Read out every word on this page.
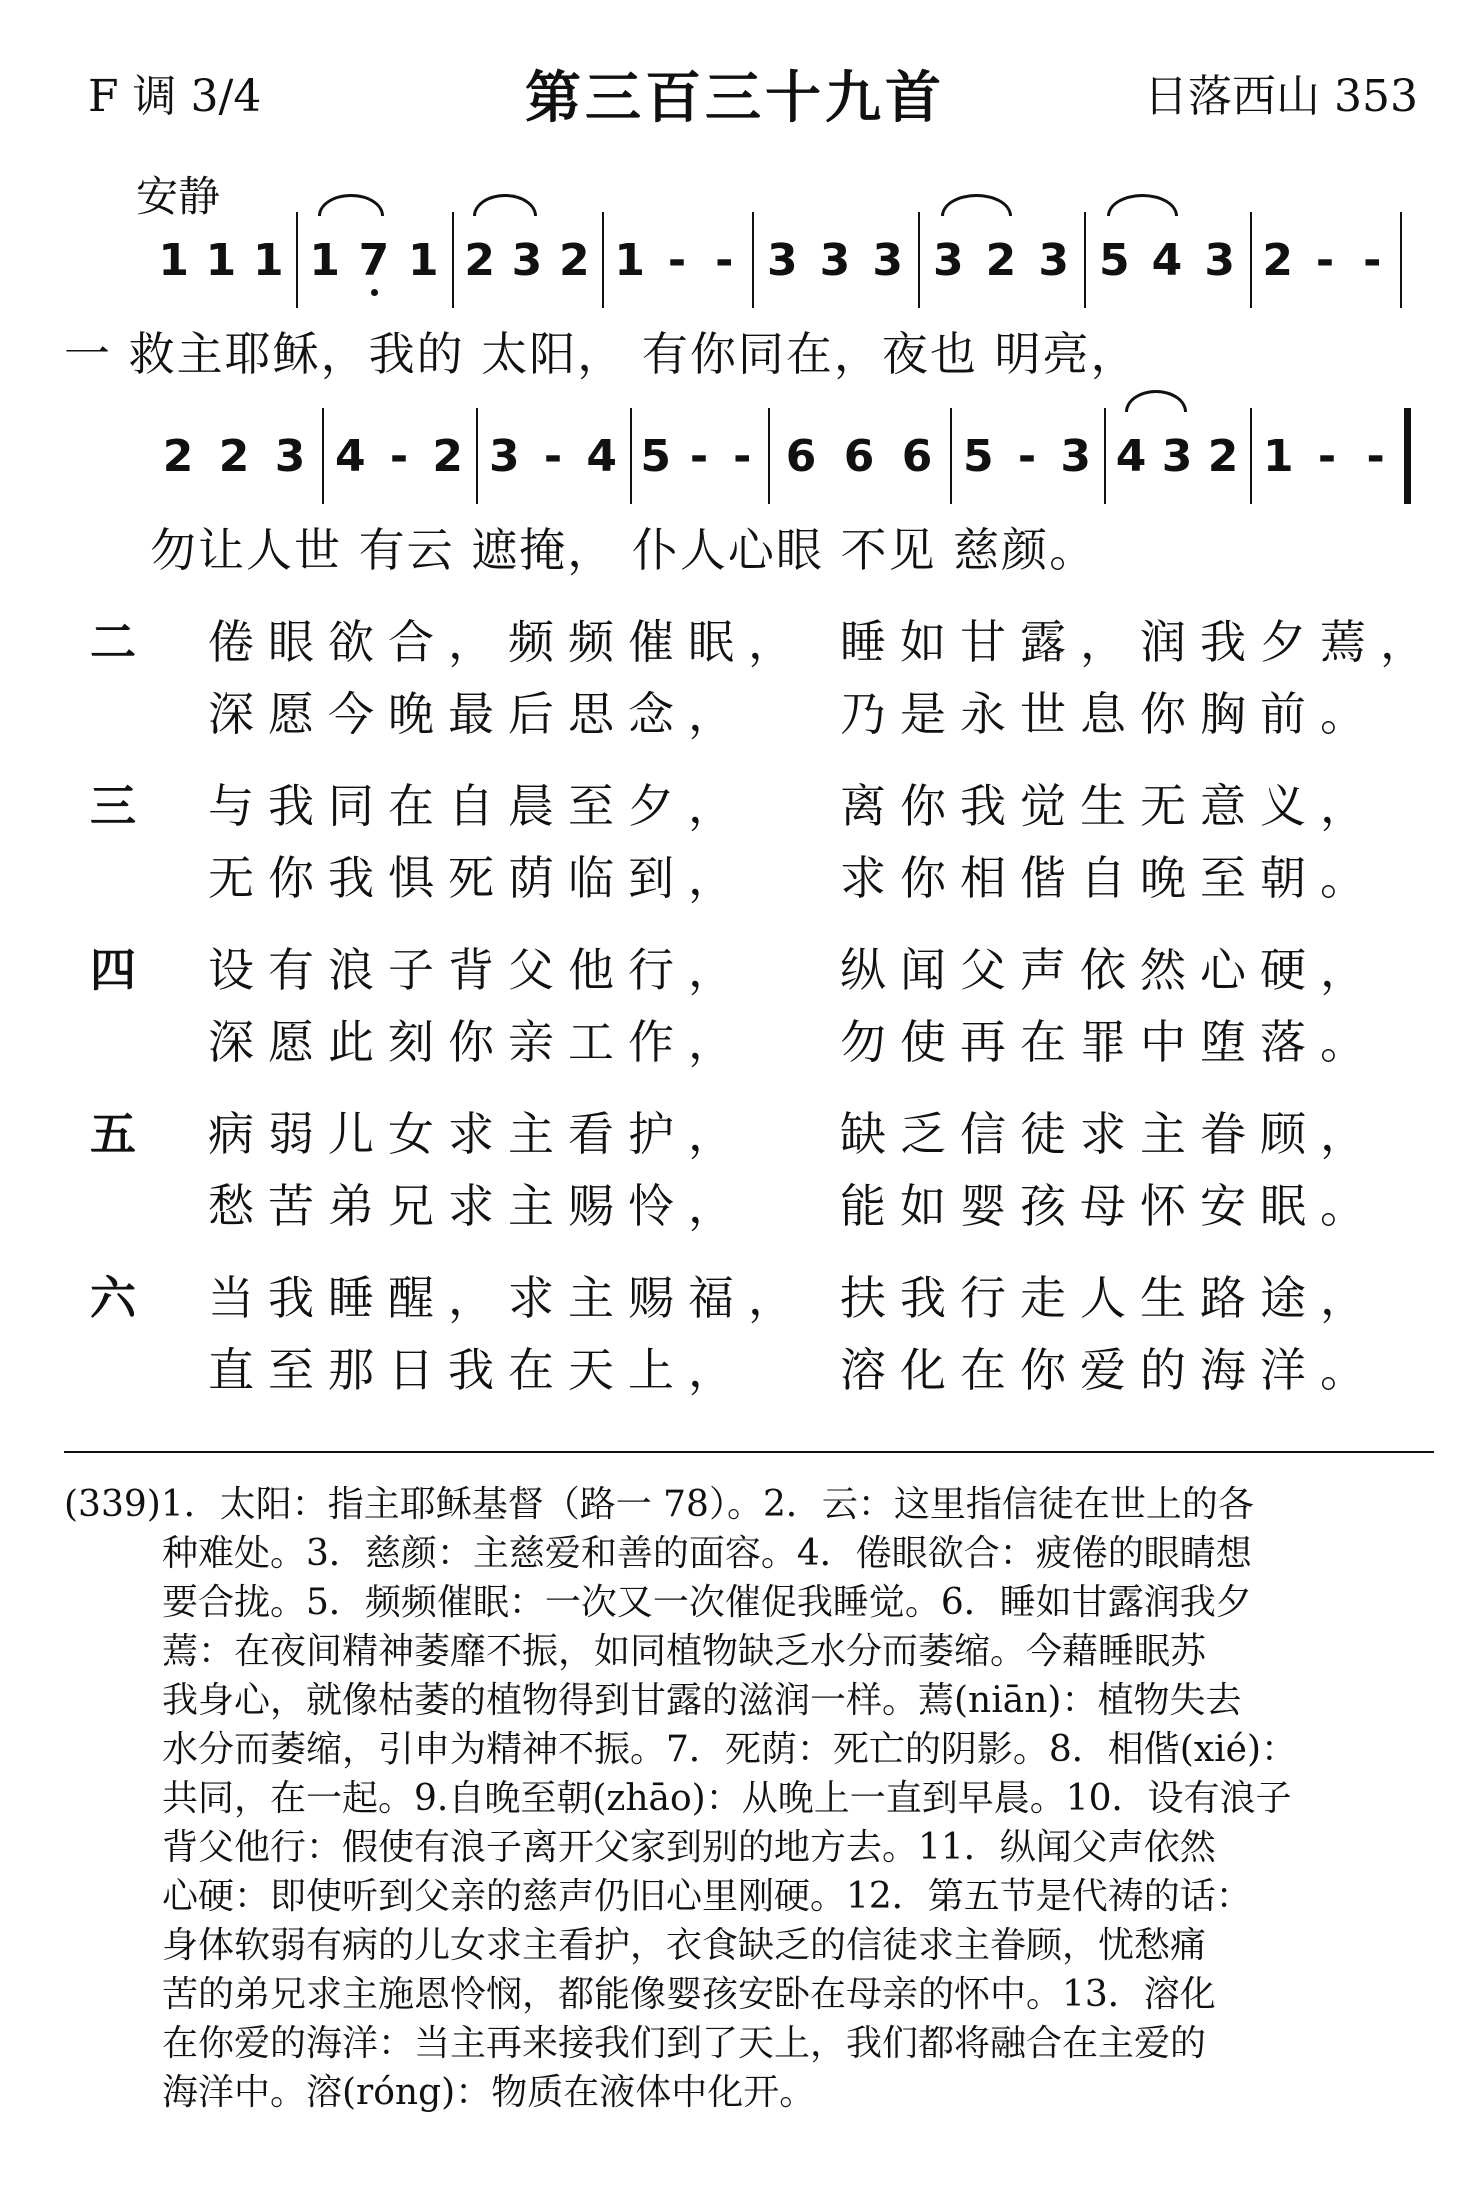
F 调 3/4	第三百三十九首	日落西山 353
安静
1 1 1 1 7 1 2 3 2 1 - - 3 3 3 3 2 3 5 4 3 2 - -
一 救主耶稣，我的 太阳， 有你同在，夜也 明亮，
2 2 3 4 - 2 3 - 4 5 - - 6 6 6 5 - 3 4 3 2 1 - -
勿让人世 有云 遮掩， 仆人心眼 不见 慈颜。
二 倦眼欲合，频频催眠， 睡如甘露，润我夕蔫，
深愿今晚最后思念， 乃是永世息你胸前。
三 与我同在自晨至夕， 离你我觉生无意义，
无你我惧死荫临到， 求你相偕自晚至朝。
四 设有浪子背父他行， 纵闻父声依然心硬，
深愿此刻你亲工作， 勿使再在罪中堕落。
五 病弱儿女求主看护， 缺乏信徒求主眷顾，
愁苦弟兄求主赐怜， 能如婴孩母怀安眠。
六 当我睡醒，求主赐福， 扶我行走人生路途，
直至那日我在天上， 溶化在你爱的海洋。
(339)1．太阳：指主耶稣基督（路一 78）。2．云：这里指信徒在世上的各
种难处。3．慈颜：主慈爱和善的面容。4．倦眼欲合：疲倦的眼睛想
要合拢。5．频频催眠：一次又一次催促我睡觉。6．睡如甘露润我夕
蔫：在夜间精神萎靡不振，如同植物缺乏水分而萎缩。今藉睡眠苏
我身心，就像枯萎的植物得到甘露的滋润一样。蔫(niān)：植物失去
水分而萎缩，引申为精神不振。7．死荫：死亡的阴影。8．相偕(xié)：
共同，在一起。9.自晚至朝(zhāo)：从晚上一直到早晨。10．设有浪子
背父他行：假使有浪子离开父家到别的地方去。11．纵闻父声依然
心硬：即使听到父亲的慈声仍旧心里刚硬。12．第五节是代祷的话：
身体软弱有病的儿女求主看护，衣食缺乏的信徒求主眷顾，忧愁痛
苦的弟兄求主施恩怜悯，都能像婴孩安卧在母亲的怀中。13．溶化
在你爱的海洋：当主再来接我们到了天上，我们都将融合在主爱的
海洋中。溶(róng)：物质在液体中化开。
